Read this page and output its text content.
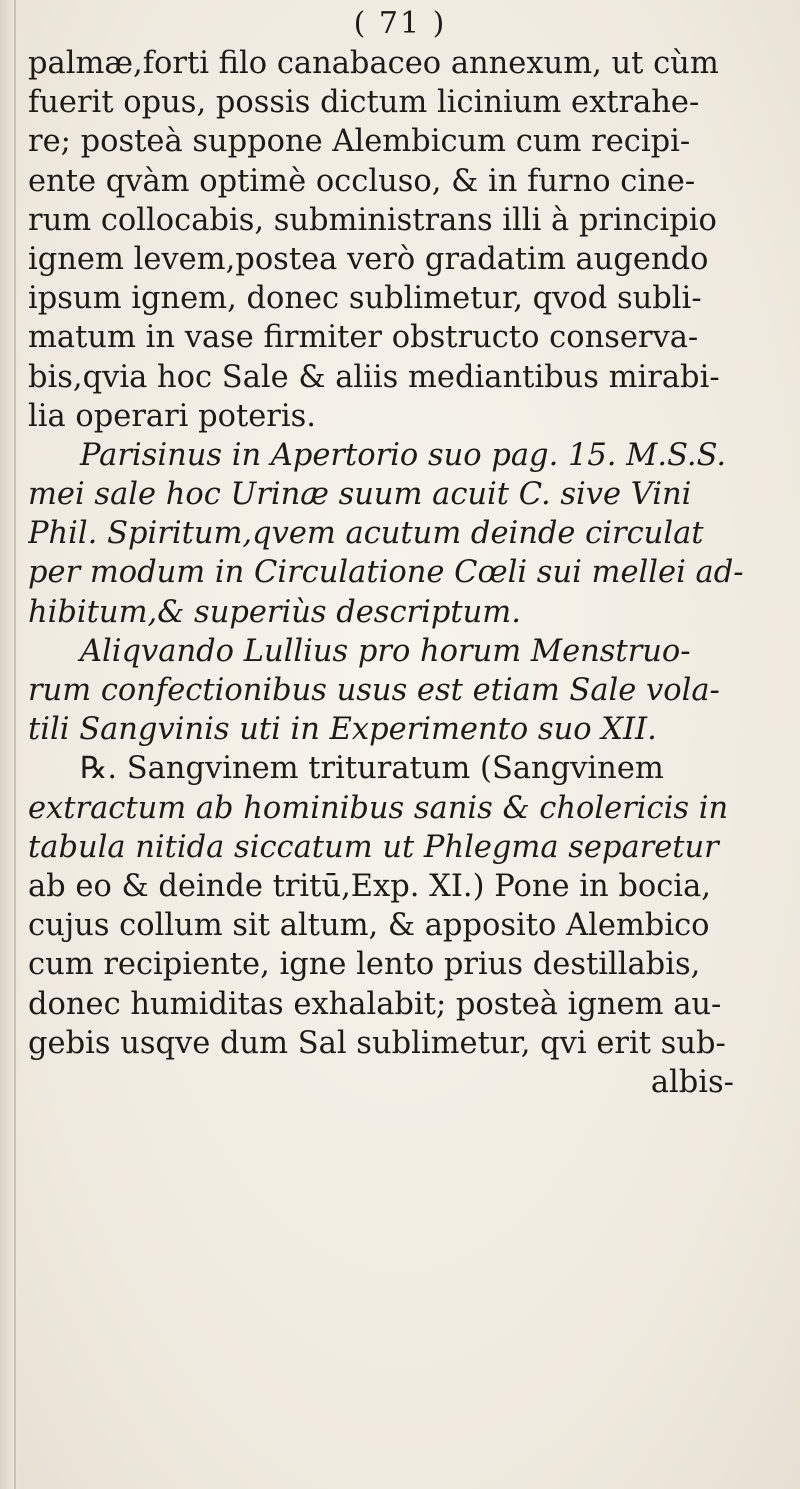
( 71 )
palmæ,forti filo canabaceo annexum, ut cùm
fuerit opus, possis dictum licinium extrahe-
re; posteà suppone Alembicum cum recipi-
ente qvàm optimè occluso, & in furno cine-
rum collocabis, subministrans illi à principio
ignem levem,postea verò gradatim augendo
ipsum ignem, donec sublimetur, qvod subli-
matum in vase firmiter obstructo conserva-
bis,qvia hoc Sale & aliis mediantibus mirabi-
lia operari poteris.
Parisinus in Apertorio suo pag. 15. M.S.S.
mei sale hoc Urinæ suum acuit C. sive Vini
Phil. Spiritum,qvem acutum deinde circulat
per modum in Circulatione Cœli sui mellei ad-
hibitum,& superiùs descriptum.
Aliqvando Lullius pro horum Menstruo-
rum confectionibus usus est etiam Sale vola-
tili Sangvinis uti in Experimento suo XII.
℞. Sangvinem trituratum (Sangvinem
extractum ab hominibus sanis & cholericis in
tabula nitida siccatum ut Phlegma separetur
ab eo & deinde tritū,Exp. XI.) Pone in bocia,
cujus collum sit altum, & apposito Alembico
cum recipiente, igne lento prius destillabis,
donec humiditas exhalabit; posteà ignem au-
gebis usqve dum Sal sublimetur, qvi erit sub-
albis-
